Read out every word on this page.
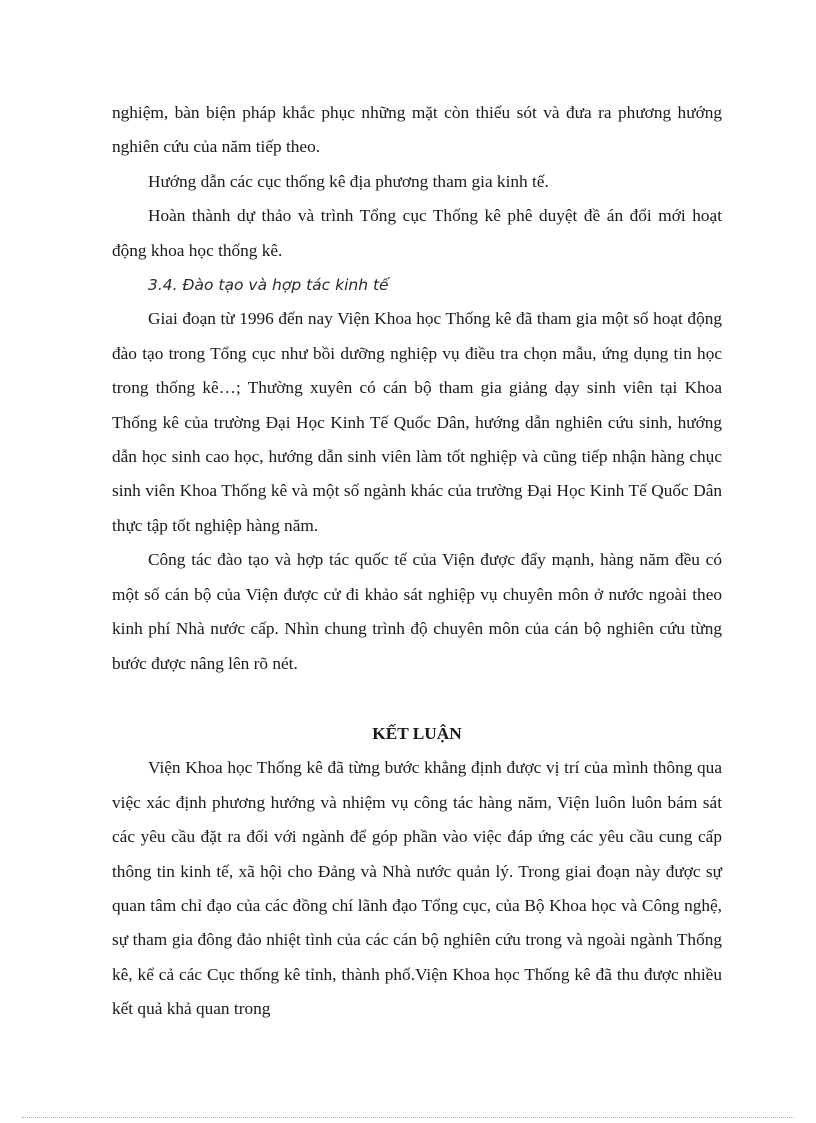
nghiệm, bàn biện pháp khắc phục những mặt còn thiếu sót và đưa ra phương hướng nghiên cứu của năm tiếp theo.

Hướng dẫn các cục thống kê địa phương tham gia kinh tế.

Hoàn thành dự thảo và trình Tổng cục Thống kê phê duyệt đề án đổi mới hoạt động khoa học thống kê.

3.4. Đào tạo và hợp tác kinh tế

Giai đoạn từ 1996 đến nay Viện Khoa học Thống kê đã tham gia một số hoạt động đào tạo trong Tổng cục như bồi dưỡng nghiệp vụ điều tra chọn mẫu, ứng dụng tin học trong thống kê…; Thường xuyên có cán bộ tham gia giảng dạy sinh viên tại Khoa Thống kê của trường Đại Học Kinh Tế Quốc Dân, hướng dẫn nghiên cứu sinh, hướng dẫn học sinh cao học, hướng dẫn sinh viên làm tốt nghiệp và cũng tiếp nhận hàng chục sinh viên Khoa Thống kê và một số ngành khác của trường Đại Học Kinh Tế Quốc Dân thực tập tốt nghiệp hàng năm.

Công tác đào tạo và hợp tác quốc tế của Viện được đẩy mạnh, hàng năm đều có một số cán bộ của Viện được cử đi khảo sát nghiệp vụ chuyên môn ở nước ngoài theo kinh phí Nhà nước cấp. Nhìn chung trình độ chuyên môn của cán bộ nghiên cứu từng bước được nâng lên rõ nét.

KẾT LUẬN

Viện Khoa học Thống kê đã từng bước khẳng định được vị trí của mình thông qua việc xác định phương hướng và nhiệm vụ công tác hàng năm, Viện luôn luôn bám sát các yêu cầu đặt ra đối với ngành để góp phần vào việc đáp ứng các yêu cầu cung cấp thông tin kinh tế, xã hội cho Đảng và Nhà nước quản lý. Trong giai đoạn này được sự quan tâm chỉ đạo của các đồng chí lãnh đạo Tổng cục, của Bộ Khoa học và Công nghệ, sự tham gia đông đảo nhiệt tình của các cán bộ nghiên cứu trong và ngoài ngành Thống kê, kể cả các Cục thống kê tỉnh, thành phố.Viện Khoa học Thống kê đã thu được nhiều kết quả khả quan trong
